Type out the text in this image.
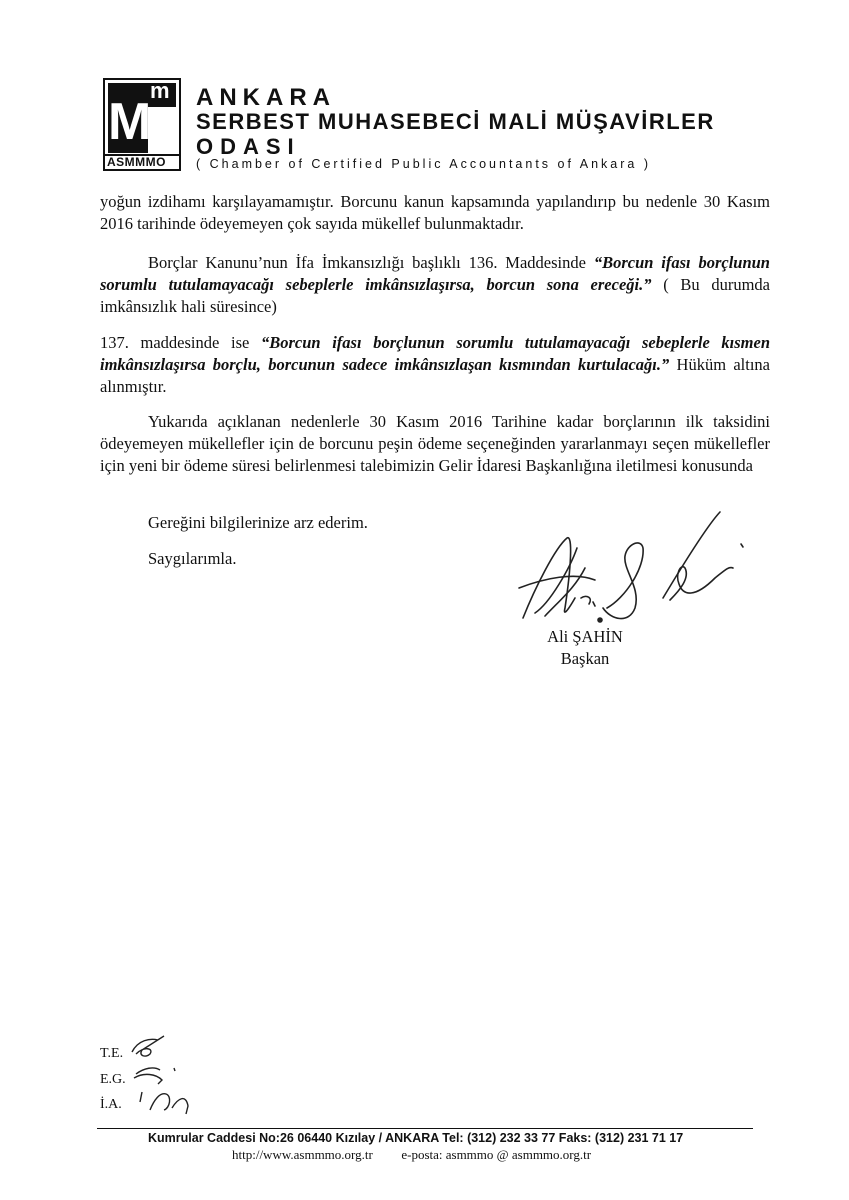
m
M
ASMMMO
ANKARA
SERBEST MUHASEBECİ MALİ MÜŞAVİRLER
ODASI
( Chamber of Certified Public Accountants of Ankara )
yoğun izdihamı karşılayamamıştır. Borcunu kanun kapsamında yapılandırıp bu nedenle 30 Kasım 2016 tarihinde ödeyemeyen çok sayıda mükellef bulunmaktadır.
Borçlar Kanunu’nun İfa İmkansızlığı başlıklı 136. Maddesinde “Borcun ifası borçlunun sorumlu tutulamayacağı sebeplerle imkânsızlaşırsa, borcun sona ereceği.” ( Bu durumda imkânsızlık hali süresince)
137. maddesinde ise “Borcun ifası borçlunun sorumlu tutulamayacağı sebeplerle kısmen imkânsızlaşırsa borçlu, borcunun sadece imkânsızlaşan kısmından kurtulacağı.” Hüküm altına alınmıştır.
Yukarıda açıklanan nedenlerle 30 Kasım 2016 Tarihine kadar borçlarının ilk taksidini ödeyemeyen mükellefler için de borcunu peşin ödeme seçeneğinden yararlanmayı seçen mükellefler için yeni bir ödeme süresi belirlenmesi talebimizin Gelir İdaresi Başkanlığına iletilmesi konusunda
Gereğini bilgilerinize arz ederim.
Saygılarımla.
Ali ŞAHİN
Başkan
T.E.
E.G.
İ.A.
Kumrular Caddesi No:26 06440 Kızılay / ANKARA Tel: (312) 232 33 77 Faks: (312) 231 71 17
http://www.asmmmo.org.tr e-posta: asmmmo @ asmmmo.org.tr
